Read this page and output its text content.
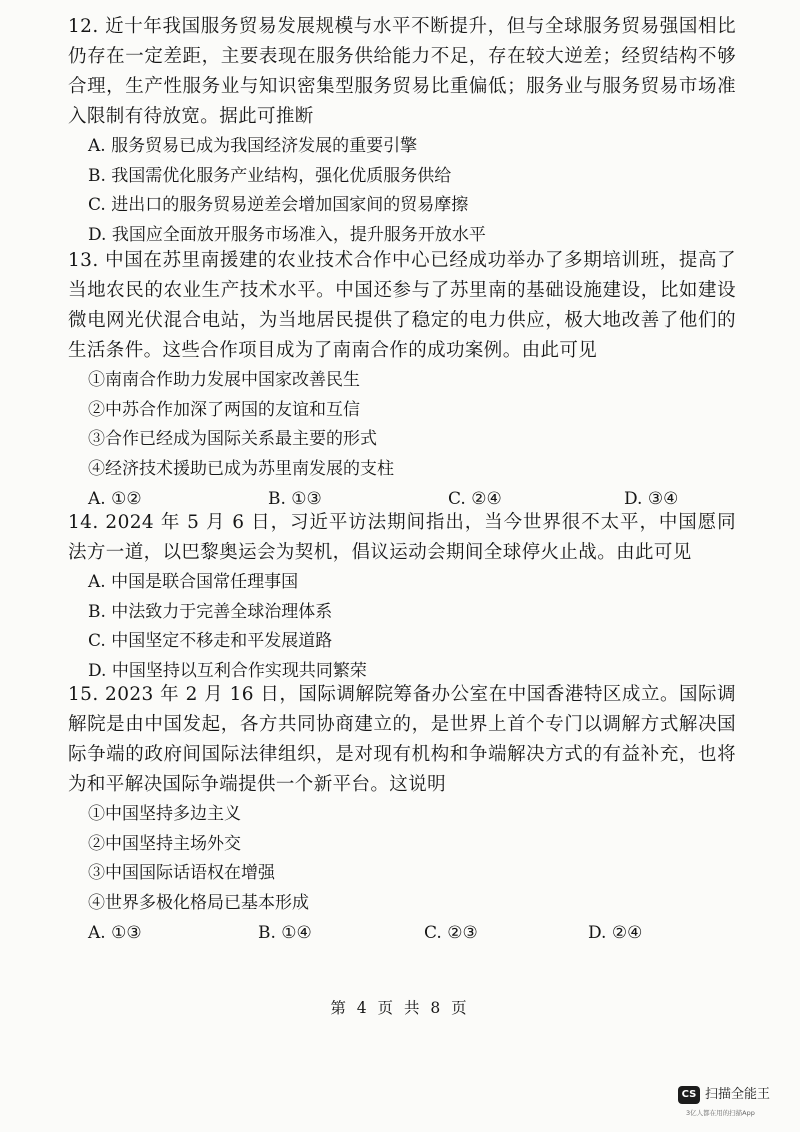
12. 近十年我国服务贸易发展规模与水平不断提升，但与全球服务贸易强国相比仍存在一定差距，主要表现在服务供给能力不足，存在较大逆差；经贸结构不够合理，生产性服务业与知识密集型服务贸易比重偏低；服务业与服务贸易市场准入限制有待放宽。据此可推断

A. 服务贸易已成为我国经济发展的重要引擎

B. 我国需优化服务产业结构，强化优质服务供给

C. 进出口的服务贸易逆差会增加国家间的贸易摩擦

D. 我国应全面放开服务市场准入，提升服务开放水平

13. 中国在苏里南援建的农业技术合作中心已经成功举办了多期培训班，提高了当地农民的农业生产技术水平。中国还参与了苏里南的基础设施建设，比如建设微电网光伏混合电站，为当地居民提供了稳定的电力供应，极大地改善了他们的生活条件。这些合作项目成为了南南合作的成功案例。由此可见

①南南合作助力发展中国家改善民生

②中苏合作加深了两国的友谊和互信

③合作已经成为国际关系最主要的形式

④经济技术援助已成为苏里南发展的支柱

A. ①②	B. ①③	C. ②④	D. ③④

14. 2024 年 5 月 6 日，习近平访法期间指出，当今世界很不太平，中国愿同法方一道，以巴黎奥运会为契机，倡议运动会期间全球停火止战。由此可见

A. 中国是联合国常任理事国

B. 中法致力于完善全球治理体系

C. 中国坚定不移走和平发展道路

D. 中国坚持以互利合作实现共同繁荣

15. 2023 年 2 月 16 日，国际调解院筹备办公室在中国香港特区成立。国际调解院是由中国发起，各方共同协商建立的，是世界上首个专门以调解方式解决国际争端的政府间国际法律组织，是对现有机构和争端解决方式的有益补充，也将为和平解决国际争端提供一个新平台。这说明

①中国坚持多边主义

②中国坚持主场外交

③中国国际话语权在增强

④世界多极化格局已基本形成

A. ①③	B. ①④	C. ②③	D. ②④
第 4 页 共 8 页
CS 扫描全能王
3亿人都在用的扫描App
